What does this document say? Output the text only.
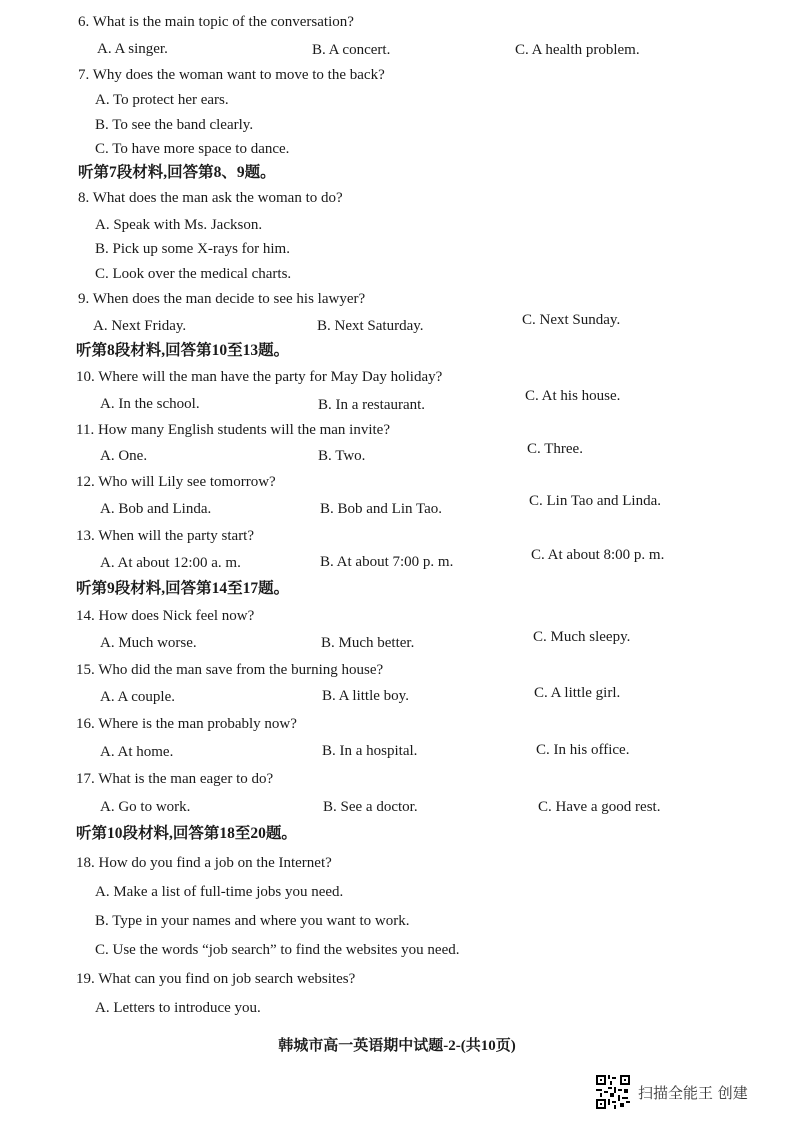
6. What is the main topic of the conversation?
A. A singer.	B. A concert.	C. A health problem.
7. Why does the woman want to move to the back?
A. To protect her ears.
B. To see the band clearly.
C. To have more space to dance.
听第7段材料,回答第8、9题。
8. What does the man ask the woman to do?
A. Speak with Ms. Jackson.
B. Pick up some X-rays for him.
C. Look over the medical charts.
9. When does the man decide to see his lawyer?
A. Next Friday.	B. Next Saturday.	C. Next Sunday.
听第8段材料,回答第10至13题。
10. Where will the man have the party for May Day holiday?
A. In the school.	B. In a restaurant.
C. At his house.
11. How many English students will the man invite?
A. One.	B. Two.	C. Three.
12. Who will Lily see tomorrow?
A. Bob and Linda.	B. Bob and Lin Tao.	C. Lin Tao and Linda.
13. When will the party start?
A. At about 12:00 a. m.	B. At about 7:00 p. m.	C. At about 8:00 p. m.
听第9段材料,回答第14至17题。
14. How does Nick feel now?
A. Much worse.	B. Much better.	C. Much sleepy.
15. Who did the man save from the burning house?
A. A couple.	B. A little boy.	C. A little girl.
16. Where is the man probably now?
A. At home.	B. In a hospital.	C. In his office.
17. What is the man eager to do?
A. Go to work.	B. See a doctor.	C. Have a good rest.
听第10段材料,回答第18至20题。
18. How do you find a job on the Internet?
A. Make a list of full-time jobs you need.
B. Type in your names and where you want to work.
C. Use the words “job search” to find the websites you need.
19. What can you find on job search websites?
A. Letters to introduce you.
韩城市高一英语期中试题-2-(共10页)
扫描全能王 创建
